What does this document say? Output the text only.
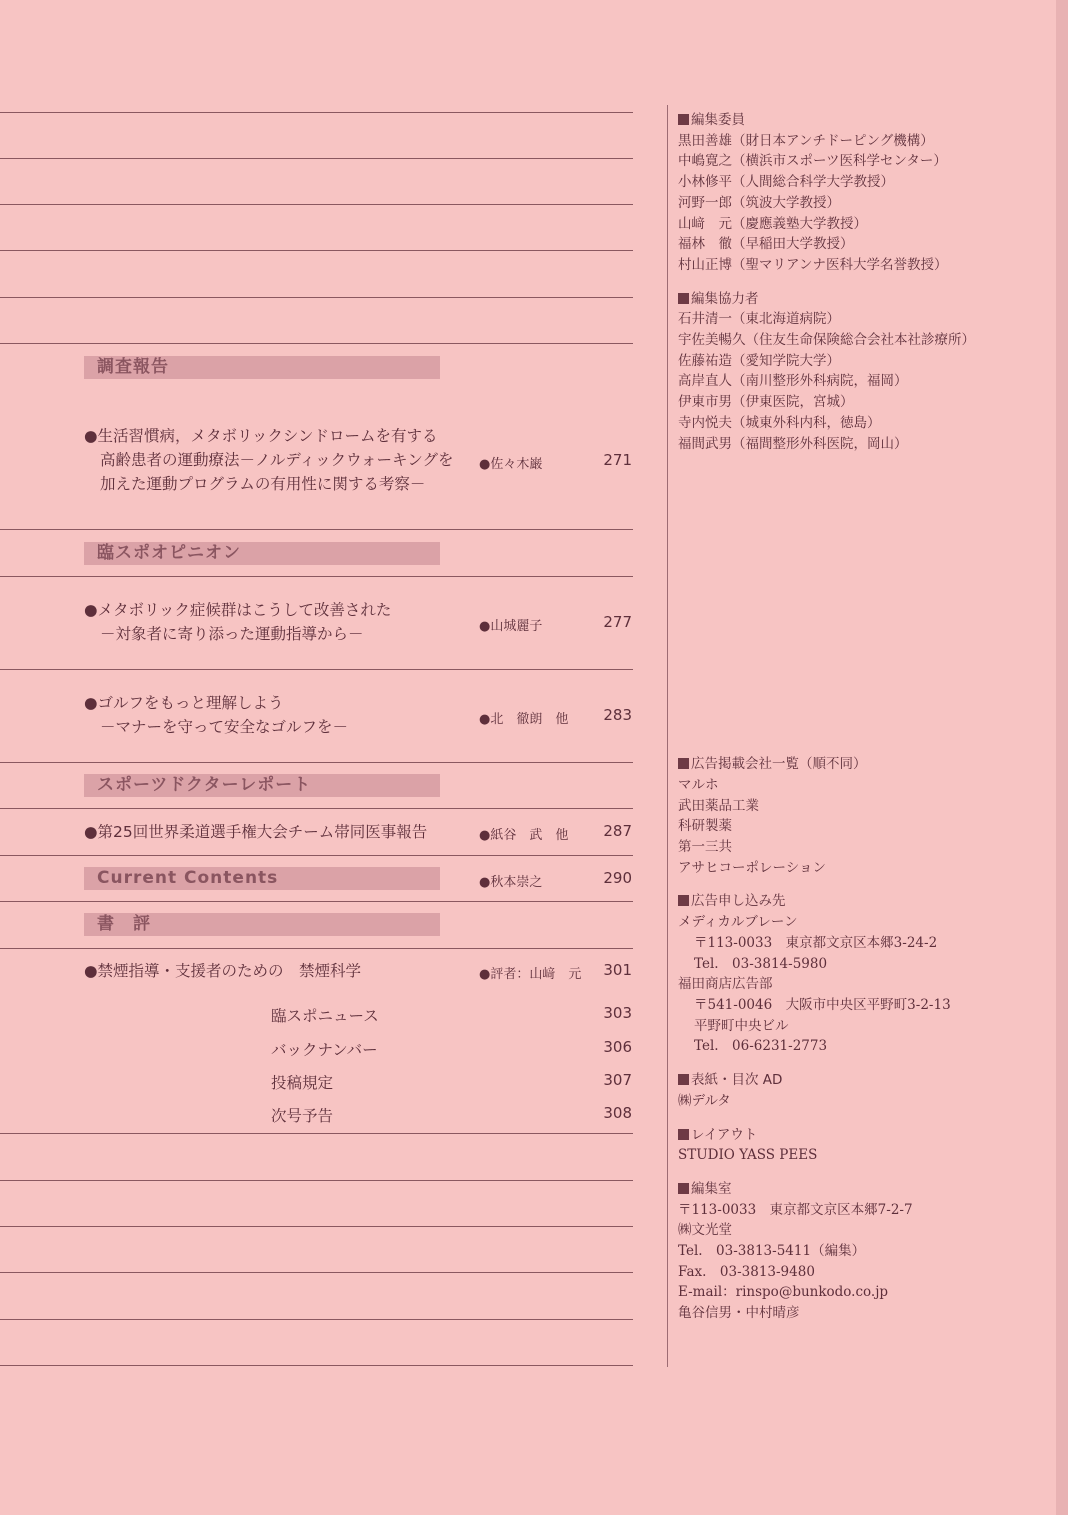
調査報告
臨スポオピニオン
スポーツドクターレポート
Current Contents	●秋本崇之	290
書　評
●生活習慣病，メタボリックシンドロームを有する
高齢患者の運動療法－ノルディックウォーキングを
加えた運動プログラムの有用性に関する考察－
●佐々木巌	271
●メタボリック症候群はこうして改善された
－対象者に寄り添った運動指導から－	●山城麗子	277
●ゴルフをもっと理解しよう
－マナーを守って安全なゴルフを－	●北　徹朗　他	283
●第25回世界柔道選手権大会チーム帯同医事報告	●紙谷　武　他	287
●禁煙指導・支援者のための　禁煙科学	●評者：山﨑　元	301
臨スポニュース	303
バックナンバー	306
投稿規定	307
次号予告	308
編集委員
黒田善雄（財日本アンチドーピング機構）
中嶋寛之（横浜市スポーツ医科学センター）
小林修平（人間総合科学大学教授）
河野一郎（筑波大学教授）
山﨑　元（慶應義塾大学教授）
福林　徹（早稲田大学教授）
村山正博（聖マリアンナ医科大学名誉教授）
編集協力者
石井清一（東北海道病院）
宇佐美暢久（住友生命保険総合会社本社診療所）
佐藤祐造（愛知学院大学）
高岸直人（南川整形外科病院，福岡）
伊東市男（伊東医院，宮城）
寺内悦夫（城東外科内科，徳島）
福間武男（福間整形外科医院，岡山）
広告掲載会社一覧（順不同）
マルホ
武田薬品工業
科研製薬
第一三共
アサヒコーポレーション
広告申し込み先
メディカルブレーン
〒113-0033　東京都文京区本郷3-24-2
Tel.　03-3814-5980
福田商店広告部
〒541-0046　大阪市中央区平野町3-2-13
平野町中央ビル
Tel.　06-6231-2773
表紙・目次 AD
㈱デルタ
レイアウト
STUDIO YASS PEES
編集室
〒113-0033　東京都文京区本郷7-2-7
㈱文光堂
Tel.　03-3813-5411（編集）
Fax.　03-3813-9480
E-mail：rinspo@bunkodo.co.jp
亀谷信男・中村晴彦
